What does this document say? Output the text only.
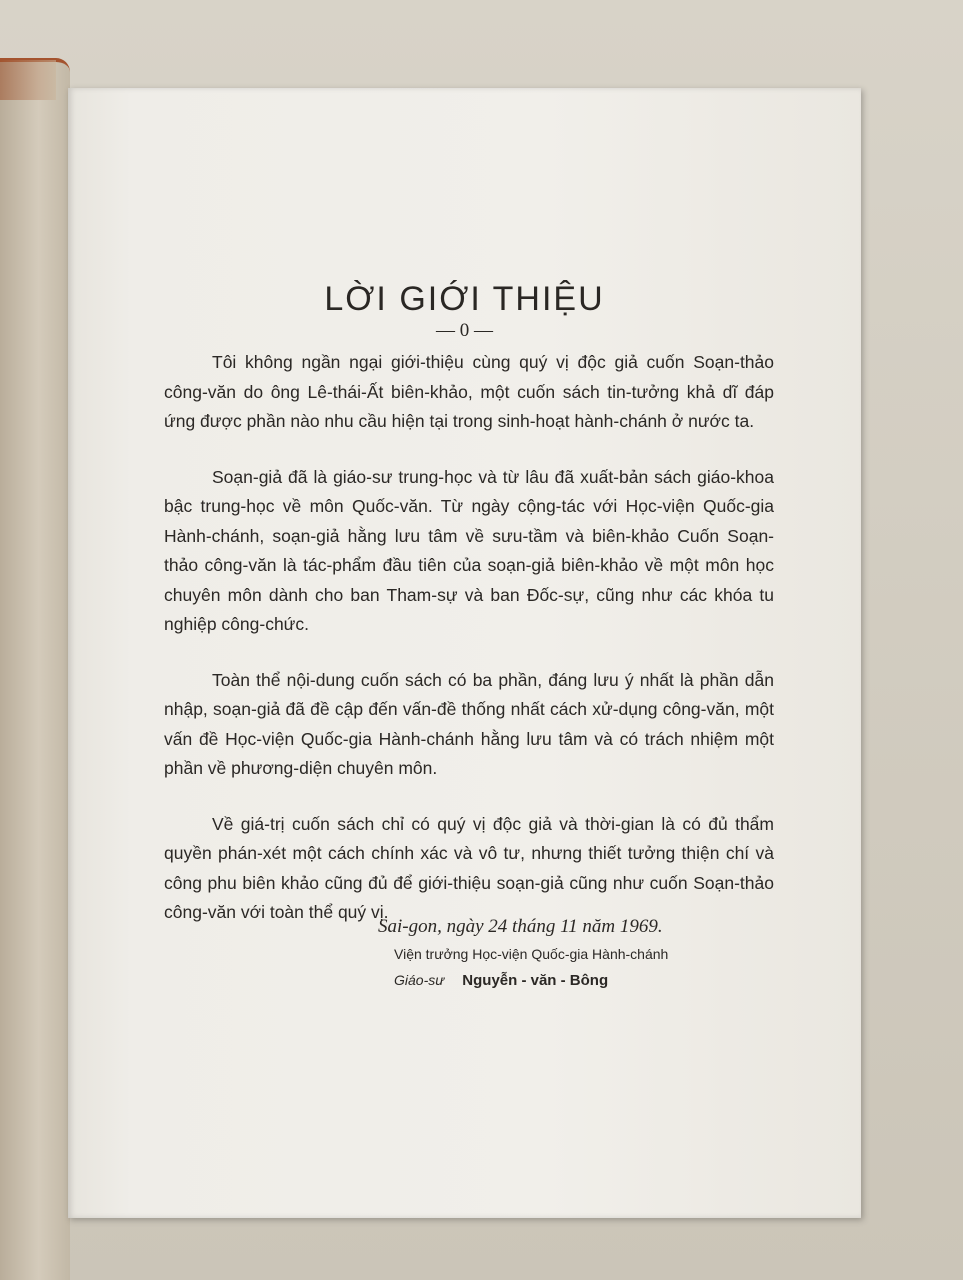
LỜI GIỚI THIỆU
— 0 —

Tôi không ngần ngại giới-thiệu cùng quý vị độc giả cuốn Soạn-thảo công-văn do ông Lê-thái-Ất biên-khảo, một cuốn sách tin-tưởng khả dĩ đáp ứng được phần nào nhu cầu hiện tại trong sinh-hoạt hành-chánh ở nước ta.

Soạn-giả đã là giáo-sư trung-học và từ lâu đã xuất-bản sách giáo-khoa bậc trung-học về môn Quốc-văn. Từ ngày cộng-tác với Học-viện Quốc-gia Hành-chánh, soạn-giả hằng lưu tâm về sưu-tầm và biên-khảo Cuốn Soạn-thảo công-văn là tác-phẩm đầu tiên của soạn-giả biên-khảo về một môn học chuyên môn dành cho ban Tham-sự và ban Đốc-sự, cũng như các khóa tu nghiệp công-chức.

Toàn thể nội-dung cuốn sách có ba phần, đáng lưu ý nhất là phần dẫn nhập, soạn-giả đã đề cập đến vấn-đề thống nhất cách xử-dụng công-văn, một vấn đề Học-viện Quốc-gia Hành-chánh hằng lưu tâm và có trách nhiệm một phần về phương-diện chuyên môn.

Về giá-trị cuốn sách chỉ có quý vị độc giả và thời-gian là có đủ thẩm quyền phán-xét một cách chính xác và vô tư, nhưng thiết tưởng thiện chí và công phu biên khảo cũng đủ để giới-thiệu soạn-giả cũng như cuốn Soạn-thảo công-văn với toàn thể quý vị.

Sai-gon, ngày 24 tháng 11 năm 1969.
Viện trưởng Học-viện Quốc-gia Hành-chánh
Giáo-sư Nguyễn - văn - Bông
